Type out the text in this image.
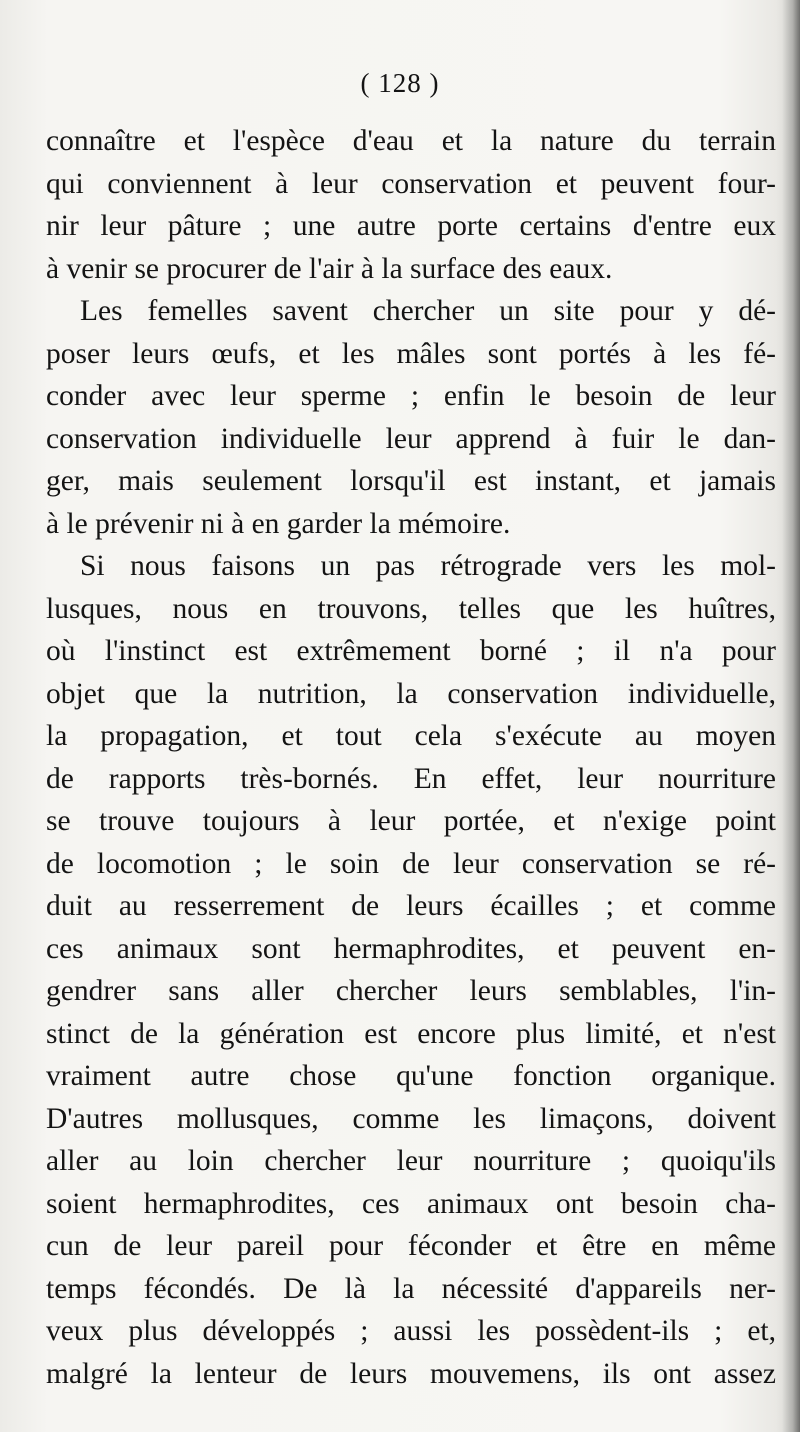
( 128 )
connaître et l'espèce d'eau et la nature du terrain
qui conviennent à leur conservation et peuvent four-
nir leur pâture ; une autre porte certains d'entre eux
à venir se procurer de l'air à la surface des eaux.
Les femelles savent chercher un site pour y dé-
poser leurs œufs, et les mâles sont portés à les fé-
conder avec leur sperme ; enfin le besoin de leur
conservation individuelle leur apprend à fuir le dan-
ger, mais seulement lorsqu'il est instant, et jamais
à le prévenir ni à en garder la mémoire.
Si nous faisons un pas rétrograde vers les mol-
lusques, nous en trouvons, telles que les huîtres,
où l'instinct est extrêmement borné ; il n'a pour
objet que la nutrition, la conservation individuelle,
la propagation, et tout cela s'exécute au moyen
de rapports très-bornés. En effet, leur nourriture
se trouve toujours à leur portée, et n'exige point
de locomotion ; le soin de leur conservation se ré-
duit au resserrement de leurs écailles ; et comme
ces animaux sont hermaphrodites, et peuvent en-
gendrer sans aller chercher leurs semblables, l'in-
stinct de la génération est encore plus limité, et n'est
vraiment autre chose qu'une fonction organique.
D'autres mollusques, comme les limaçons, doivent
aller au loin chercher leur nourriture ; quoiqu'ils
soient hermaphrodites, ces animaux ont besoin cha-
cun de leur pareil pour féconder et être en même
temps fécondés. De là la nécessité d'appareils ner-
veux plus développés ; aussi les possèdent-ils ; et,
malgré la lenteur de leurs mouvemens, ils ont assez
